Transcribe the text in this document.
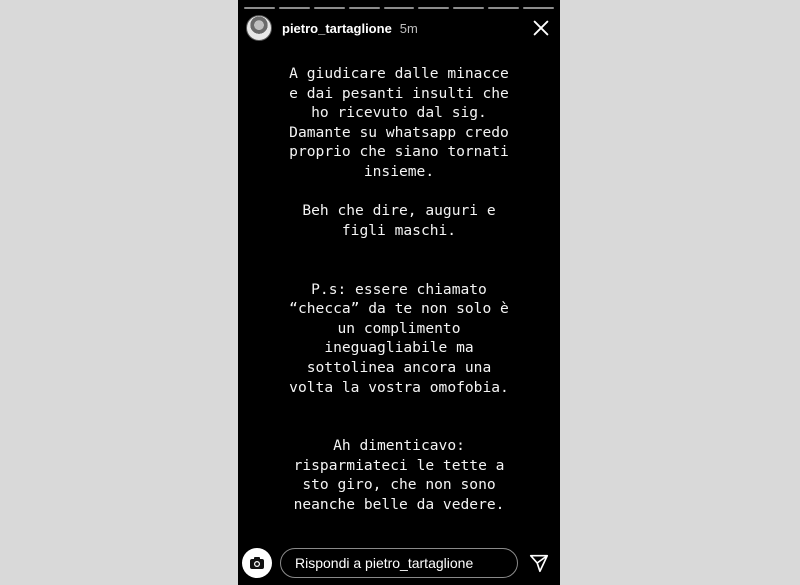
pietro_tartaglione 5m
A giudicare dalle minacce
e dai pesanti insulti che
ho ricevuto dal sig.
Damante su whatsapp credo
proprio che siano tornati
insieme.

Beh che dire, auguri e
figli maschi.

P.s: essere chiamato
“checca” da te non solo è
un complimento
ineguagliabile ma
sottolinea ancora una
volta la vostra omofobia.

Ah dimenticavo:
risparmiateci le tette a
sto giro, che non sono
neanche belle da vedere.
Rispondi a pietro_tartaglione
